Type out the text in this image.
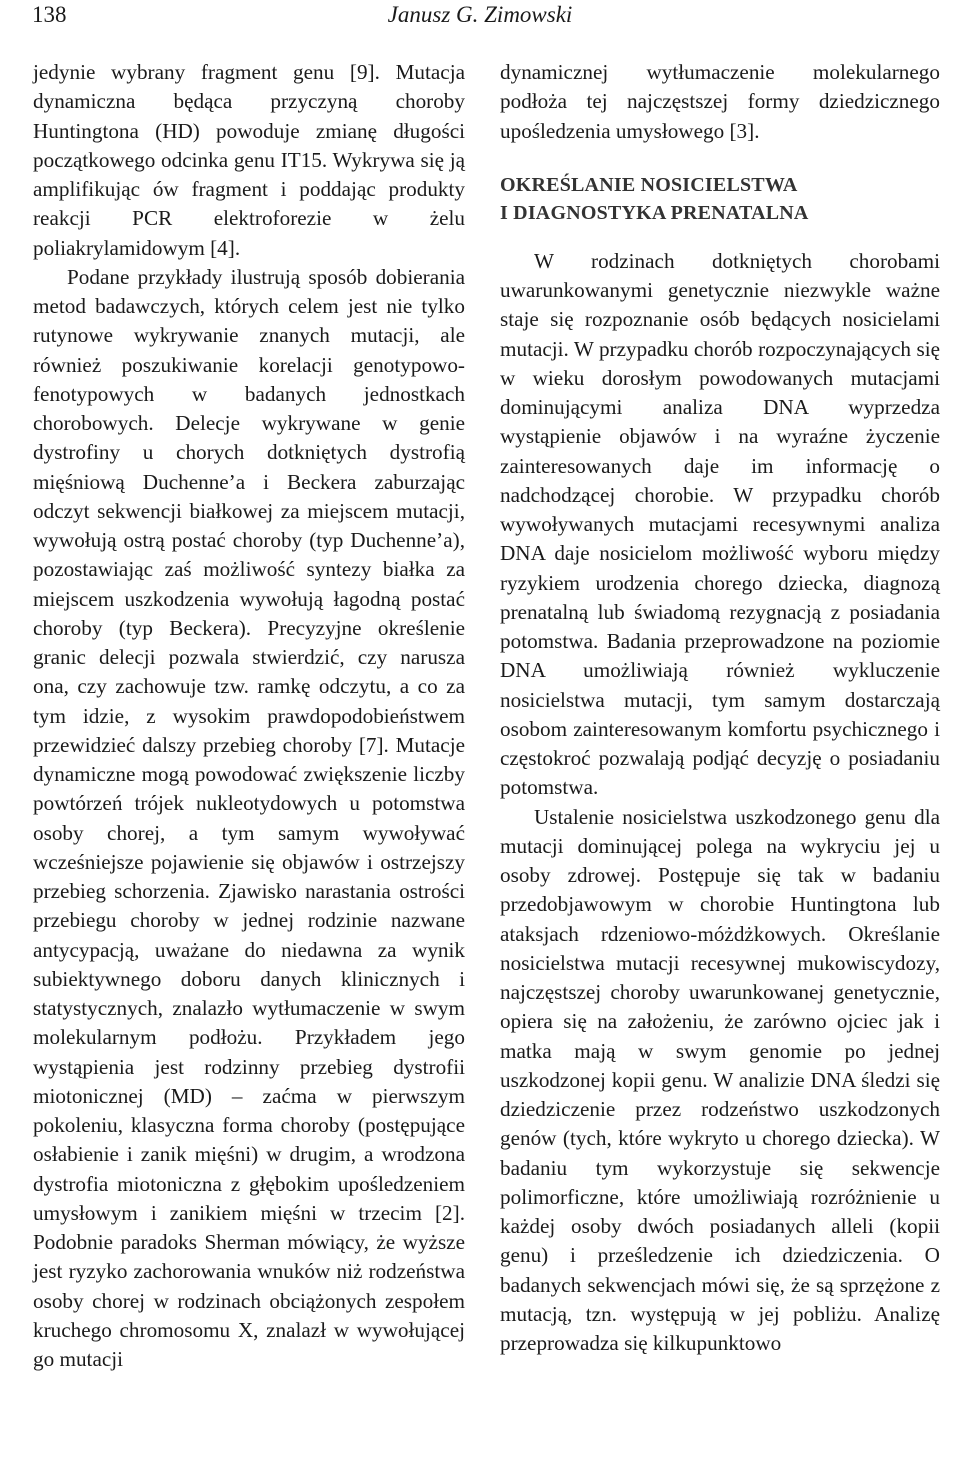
138	Janusz G. Zimowski

jedynie wybrany fragment genu [9]. Mutacja dynamiczna będąca przyczyną choroby Huntingtona (HD) powoduje zmianę długości początkowego odcinka genu IT15. Wykrywa się ją amplifikując ów fragment i poddając produkty reakcji PCR elektroforezie w żelu poliakrylamidowym [4].

Podane przykłady ilustrują sposób dobierania metod badawczych, których celem jest nie tylko rutynowe wykrywanie znanych mutacji, ale również poszukiwanie korelacji genotypowo-fenotypowych w badanych jednostkach chorobowych. Delecje wykrywane w genie dystrofiny u chorych dotkniętych dystrofią mięśniową Duchenne’a i Beckera zaburzając odczyt sekwencji białkowej za miejscem mutacji, wywołują ostrą postać choroby (typ Duchenne’a), pozostawiając zaś możliwość syntezy białka za miejscem uszkodzenia wywołują łagodną postać choroby (typ Beckera). Precyzyjne określenie granic delecji pozwala stwierdzić, czy narusza ona, czy zachowuje tzw. ramkę odczytu, a co za tym idzie, z wysokim prawdopodobieństwem przewidzieć dalszy przebieg choroby [7]. Mutacje dynamiczne mogą powodować zwiększenie liczby powtórzeń trójek nukleotydowych u potomstwa osoby chorej, a tym samym wywoływać wcześniejsze pojawienie się objawów i ostrzejszy przebieg schorzenia. Zjawisko narastania ostrości przebiegu choroby w jednej rodzinie nazwane antycypacją, uważane do niedawna za wynik subiektywnego doboru danych klinicznych i statystycznych, znalazło wytłumaczenie w swym molekularnym podłożu. Przykładem jego wystąpienia jest rodzinny przebieg dystrofii miotonicznej (MD) – zaćma w pierwszym pokoleniu, klasyczna forma choroby (postępujące osłabienie i zanik mięśni) w drugim, a wrodzona dystrofia miotoniczna z głębokim upośledzeniem umysłowym i zanikiem mięśni w trzecim [2]. Podobnie paradoks Sherman mówiący, że wyższe jest ryzyko zachorowania wnuków niż rodzeństwa osoby chorej w rodzinach obciążonych zespołem kruchego chromosomu X, znalazł w wywołującej go mutacji

dynamicznej wytłumaczenie molekularnego podłoża tej najczęstszej formy dziedzicznego upośledzenia umysłowego [3].

OKREŚLANIE NOSICIELSTWA
I DIAGNOSTYKA PRENATALNA

W rodzinach dotkniętych chorobami uwarunkowanymi genetycznie niezwykle ważne staje się rozpoznanie osób będących nosicielami mutacji. W przypadku chorób rozpoczynających się w wieku dorosłym powodowanych mutacjami dominującymi analiza DNA wyprzedza wystąpienie objawów i na wyraźne życzenie zainteresowanych daje im informację o nadchodzącej chorobie. W przypadku chorób wywoływanych mutacjami recesywnymi analiza DNA daje nosicielom możliwość wyboru między ryzykiem urodzenia chorego dziecka, diagnozą prenatalną lub świadomą rezygnacją z posiadania potomstwa. Badania przeprowadzone na poziomie DNA umożliwiają również wykluczenie nosicielstwa mutacji, tym samym dostarczają osobom zainteresowanym komfortu psychicznego i częstokroć pozwalają podjąć decyzję o posiadaniu potomstwa.

Ustalenie nosicielstwa uszkodzonego genu dla mutacji dominującej polega na wykryciu jej u osoby zdrowej. Postępuje się tak w badaniu przedobjawowym w chorobie Huntingtona lub ataksjach rdzeniowo-móżdżkowych. Określanie nosicielstwa mutacji recesywnej mukowiscydozy, najczęstszej choroby uwarunkowanej genetycznie, opiera się na założeniu, że zarówno ojciec jak i matka mają w swym genomie po jednej uszkodzonej kopii genu. W analizie DNA śledzi się dziedziczenie przez rodzeństwo uszkodzonych genów (tych, które wykryto u chorego dziecka). W badaniu tym wykorzystuje się sekwencje polimorficzne, które umożliwiają rozróżnienie u każdej osoby dwóch posiadanych alleli (kopii genu) i prześledzenie ich dziedziczenia. O badanych sekwencjach mówi się, że są sprzężone z mutacją, tzn. występują w jej pobliżu. Analizę przeprowadza się kilkupunktowo
